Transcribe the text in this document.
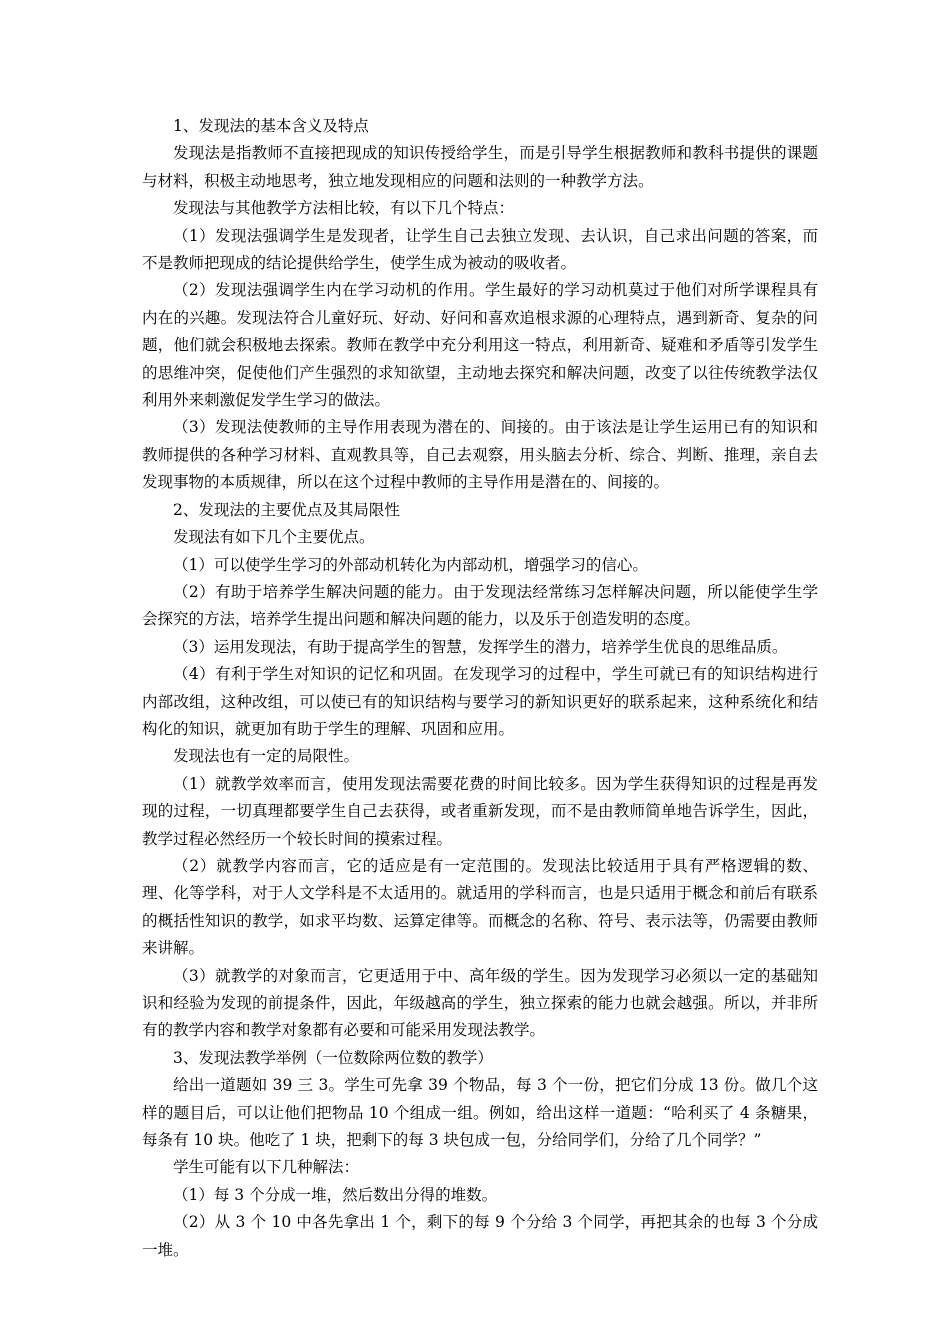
1、发现法的基本含义及特点

发现法是指教师不直接把现成的知识传授给学生，而是引导学生根据教师和教科书提供的课题与材料，积极主动地思考，独立地发现相应的问题和法则的一种教学方法。

发现法与其他教学方法相比较，有以下几个特点：

（1）发现法强调学生是发现者，让学生自己去独立发现、去认识，自己求出问题的答案，而不是教师把现成的结论提供给学生，使学生成为被动的吸收者。

（2）发现法强调学生内在学习动机的作用。学生最好的学习动机莫过于他们对所学课程具有内在的兴趣。发现法符合儿童好玩、好动、好问和喜欢追根求源的心理特点，遇到新奇、复杂的问题，他们就会积极地去探索。教师在教学中充分利用这一特点，利用新奇、疑难和矛盾等引发学生的思维冲突，促使他们产生强烈的求知欲望，主动地去探究和解决问题，改变了以往传统教学法仅利用外来刺激促发学生学习的做法。

（3）发现法使教师的主导作用表现为潜在的、间接的。由于该法是让学生运用已有的知识和教师提供的各种学习材料、直观教具等，自己去观察，用头脑去分析、综合、判断、推理，亲自去发现事物的本质规律，所以在这个过程中教师的主导作用是潜在的、间接的。

2、发现法的主要优点及其局限性

发现法有如下几个主要优点。

（1）可以使学生学习的外部动机转化为内部动机，增强学习的信心。

（2）有助于培养学生解决问题的能力。由于发现法经常练习怎样解决问题，所以能使学生学会探究的方法，培养学生提出问题和解决问题的能力，以及乐于创造发明的态度。

（3）运用发现法，有助于提高学生的智慧，发挥学生的潜力，培养学生优良的思维品质。

（4）有利于学生对知识的记忆和巩固。在发现学习的过程中，学生可就已有的知识结构进行内部改组，这种改组，可以使已有的知识结构与要学习的新知识更好的联系起来，这种系统化和结构化的知识，就更加有助于学生的理解、巩固和应用。

发现法也有一定的局限性。

（1）就教学效率而言，使用发现法需要花费的时间比较多。因为学生获得知识的过程是再发现的过程，一切真理都要学生自己去获得，或者重新发现，而不是由教师简单地告诉学生，因此，教学过程必然经历一个较长时间的摸索过程。

（2）就教学内容而言，它的适应是有一定范围的。发现法比较适用于具有严格逻辑的数、理、化等学科，对于人文学科是不太适用的。就适用的学科而言，也是只适用于概念和前后有联系的概括性知识的教学，如求平均数、运算定律等。而概念的名称、符号、表示法等，仍需要由教师来讲解。

（3）就教学的对象而言，它更适用于中、高年级的学生。因为发现学习必须以一定的基础知识和经验为发现的前提条件，因此，年级越高的学生，独立探索的能力也就会越强。所以，并非所有的教学内容和教学对象都有必要和可能采用发现法教学。

3、发现法教学举例（一位数除两位数的教学）

给出一道题如 39 三 3。学生可先拿 39 个物品，每 3 个一份，把它们分成 13 份。做几个这样的题目后，可以让他们把物品 10 个组成一组。例如，给出这样一道题：“哈利买了 4 条糖果，每条有 10 块。他吃了 1 块，把剩下的每 3 块包成一包，分给同学们，分给了几个同学？”

学生可能有以下几种解法：

（1）每 3 个分成一堆，然后数出分得的堆数。

（2）从 3 个 10 中各先拿出 1 个，剩下的每 9 个分给 3 个同学，再把其余的也每 3 个分成一堆。
